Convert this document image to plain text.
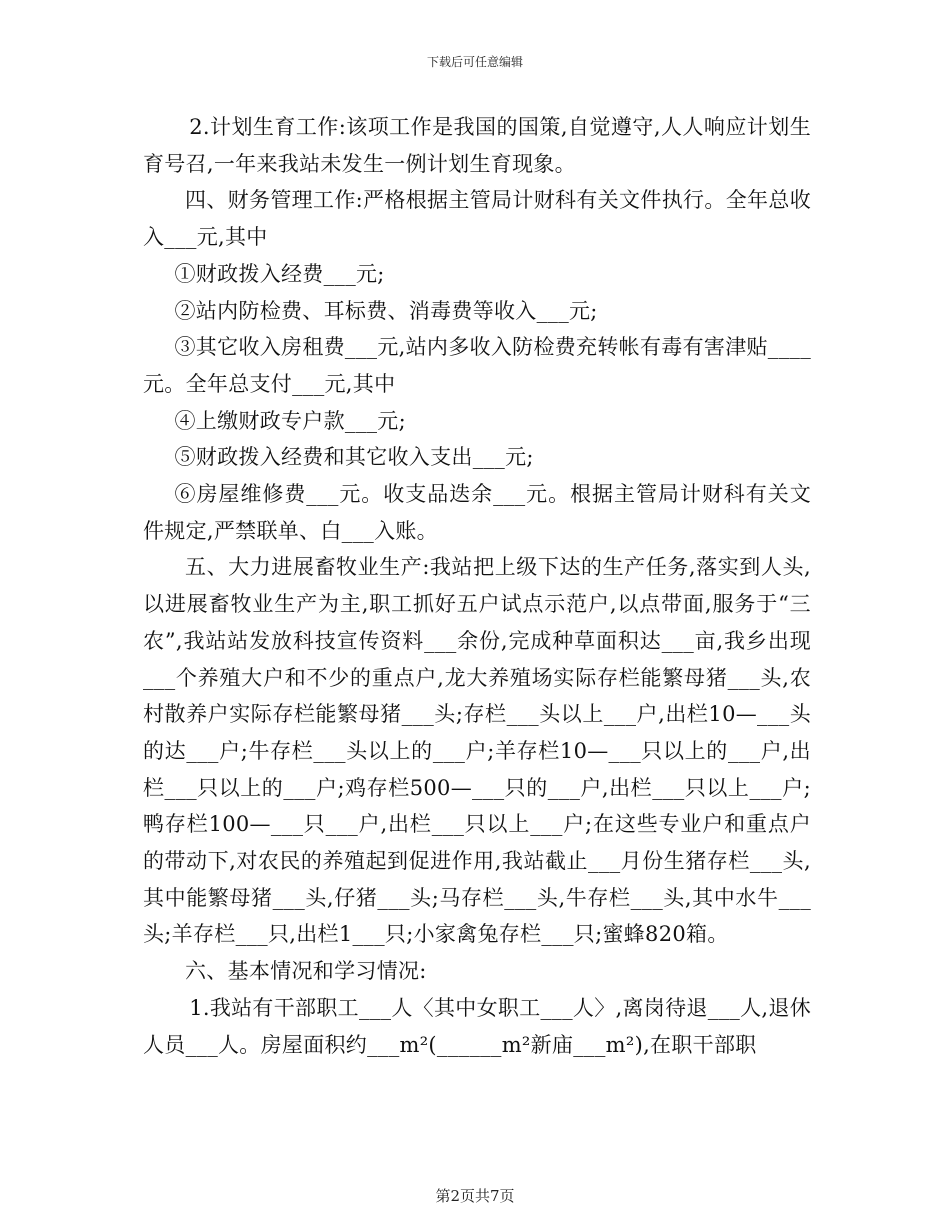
下载后可任意编辑

2.计划生育工作:该项工作是我国的国策,自觉遵守,人人响应计划生育号召,一年来我站未发生一例计划生育现象。

四、财务管理工作:严格根据主管局计财科有关文件执行。全年总收入___元,其中

①财政拨入经费___元;

②站内防检费、耳标费、消毒费等收入___元;

③其它收入房租费___元,站内多收入防检费充转帐有毒有害津贴____元。全年总支付___元,其中

④上缴财政专户款___元;

⑤财政拨入经费和其它收入支出___元;

⑥房屋维修费___元。收支品迭余___元。根据主管局计财科有关文件规定,严禁联单、白___入账。

五、大力进展畜牧业生产:我站把上级下达的生产任务,落实到人头,以进展畜牧业生产为主,职工抓好五户试点示范户,以点带面,服务于“三农”,我站站发放科技宣传资料___余份,完成种草面积达___亩,我乡出现___个养殖大户和不少的重点户,龙大养殖场实际存栏能繁母猪___头,农村散养户实际存栏能繁母猪___头;存栏___头以上___户,出栏10—___头的达___户;牛存栏___头以上的___户;羊存栏10—___只以上的___户,出栏___只以上的___户;鸡存栏500—___只的___户,出栏___只以上___户;鸭存栏100—___只___户,出栏___只以上___户;在这些专业户和重点户的带动下,对农民的养殖起到促进作用,我站截止___月份生猪存栏___头,其中能繁母猪___头,仔猪___头;马存栏___头,牛存栏___头,其中水牛___头;羊存栏___只,出栏1___只;小家禽兔存栏___只;蜜蜂820箱。

六、基本情况和学习情况:

1.我站有干部职工___人〈其中女职工___人〉,离岗待退___人,退休人员___人。房屋面积约___m²(______m²新庙___m²),在职干部职

第2页共7页
